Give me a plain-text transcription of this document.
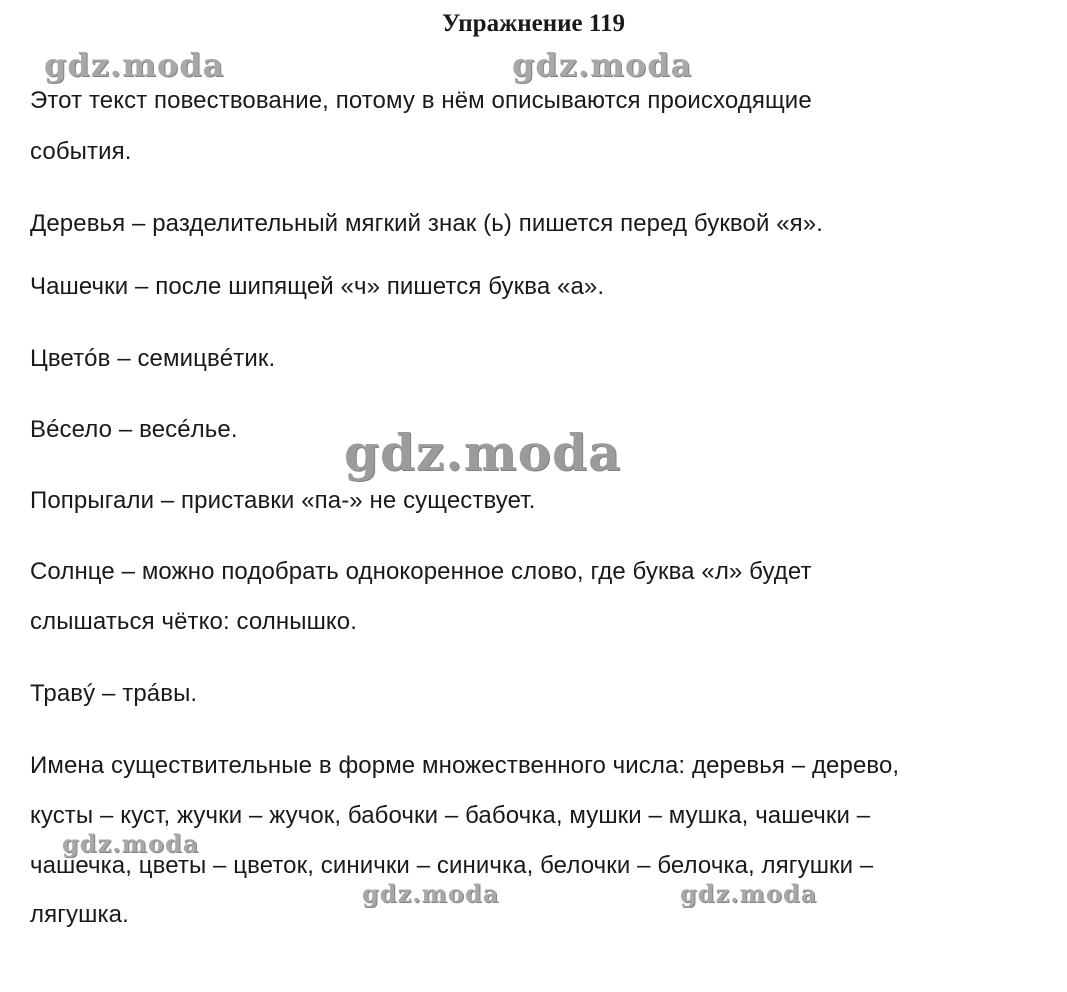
Упражнение 119
gdz.moda	gdz.moda
gdz.moda
gdz.moda
gdz.moda	gdz.moda
Этот текст повествование, потому в нём описываются происходящие
события.
Деревья – разделительный мягкий знак (ь) пишется перед буквой «я».
Чашечки – после шипящей «ч» пишется буква «а».
Цветóв – семицвéтик.
Вéсело – весéлье.
Попрыгали – приставки «па-» не существует.
Солнце – можно подобрать однокоренное слово, где буква «л» будет
слышаться чётко: солнышко.
Травý – трáвы.
Имена существительные в форме множественного числа: деревья – дерево,
кусты – куст, жучки – жучок, бабочки – бабочка, мушки – мушка, чашечки –
чашечка, цветы – цветок, синички – синичка, белочки – белочка, лягушки –
лягушка.
